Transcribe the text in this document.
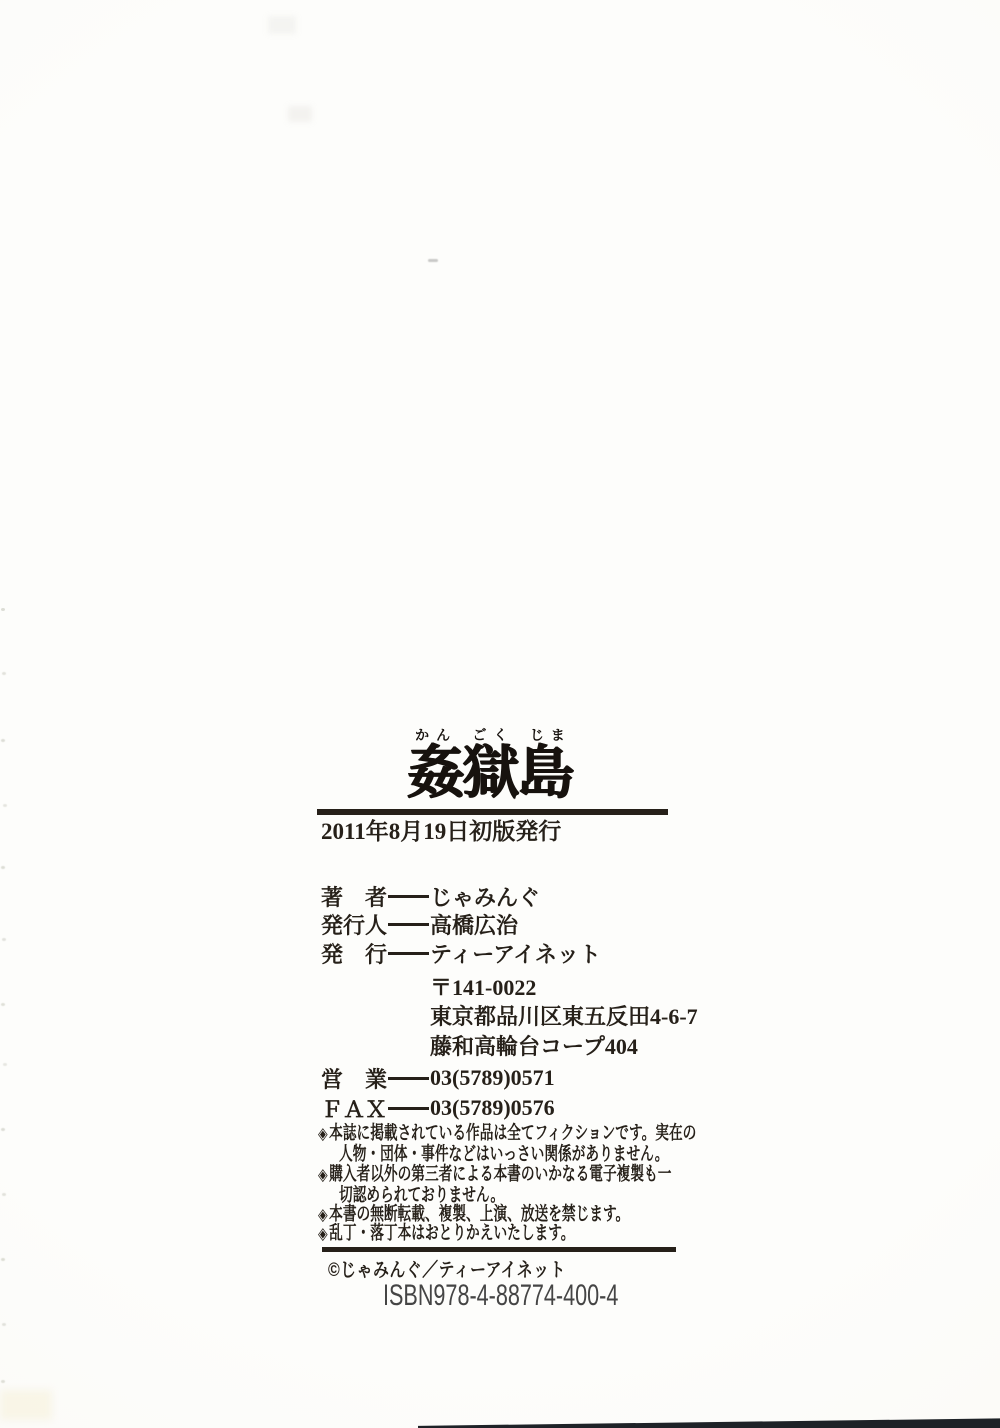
かん	ごく	じま
姦獄島
2011年8月19日初版発行
著　者 じゃみんぐ
発行人 高橋広治
発　行 ティーアイネット
〒141-0022
東京都品川区東五反田4-6-7
藤和高輪台コープ404
営　業 03(5789)0571
ＦＡＸ 03(5789)0576
◈本誌に掲載されている作品は全てフィクションです。実在の
人物・団体・事件などはいっさい関係がありません。
◈購入者以外の第三者による本書のいかなる電子複製も一
切認められておりません。
◈本書の無断転載、複製、上演、放送を禁じます。
◈乱丁・落丁本はおとりかえいたします。
©じゃみんぐ／ティーアイネット
ISBN978-4-88774-400-4
